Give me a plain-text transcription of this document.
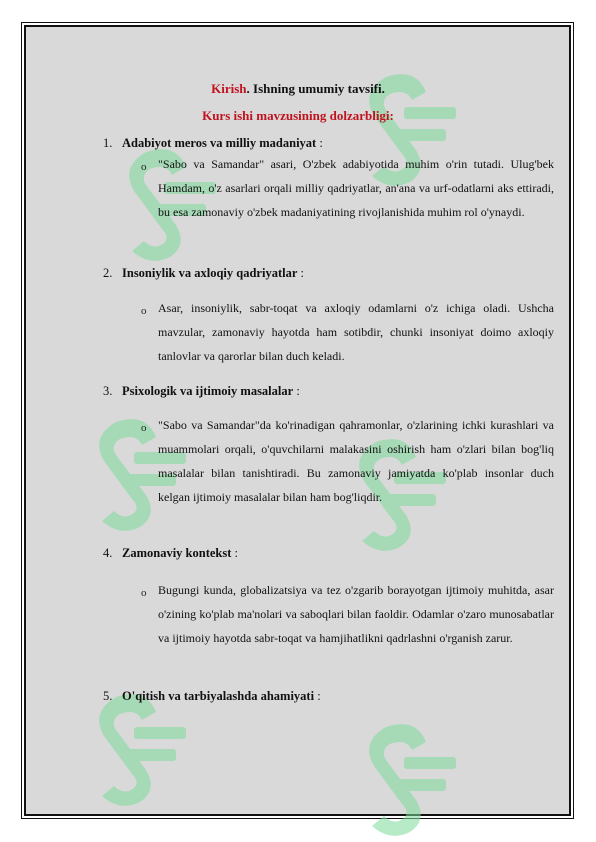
Kirish. Ishning umumiy tavsifi.
Kurs ishi mavzusining dolzarbligi:
1. Adabiyot meros va milliy madaniyat :
o "Sabo va Samandar" asari, O'zbek adabiyotida muhim o'rin tutadi. Ulug'bek Hamdam, o'z asarlari orqali milliy qadriyatlar, an'ana va urf-odatlarni aks ettiradi, bu esa zamonaviy o'zbek madaniyatining rivojlanishida muhim rol o'ynaydi.
2. Insoniylik va axloqiy qadriyatlar :
o Asar, insoniylik, sabr-toqat va axloqiy odamlarni o'z ichiga oladi. Ushcha mavzular, zamonaviy hayotda ham sotibdir, chunki insoniyat doimo axloqiy tanlovlar va qarorlar bilan duch keladi.
3. Psixologik va ijtimoiy masalalar :
o "Sabo va Samandar"da ko'rinadigan qahramonlar, o'zlarining ichki kurashlari va muammolari orqali, o'quvchilarni malakasini oshirish ham o'zlari bilan bog'liq masalalar bilan tanishtiradi. Bu zamonaviy jamiyatda ko'plab insonlar duch kelgan ijtimoiy masalalar bilan ham bog'liqdir.
4. Zamonaviy kontekst :
o Bugungi kunda, globalizatsiya va tez o'zgarib borayotgan ijtimoiy muhitda, asar o'zining ko'plab ma'nolari va saboqlari bilan faoldir. Odamlar o'zaro munosabatlar va ijtimoiy hayotda sabr-toqat va hamjihatlikni qadrlashni o'rganish zarur.
5. O'qitish va tarbiyalashda ahamiyati :
